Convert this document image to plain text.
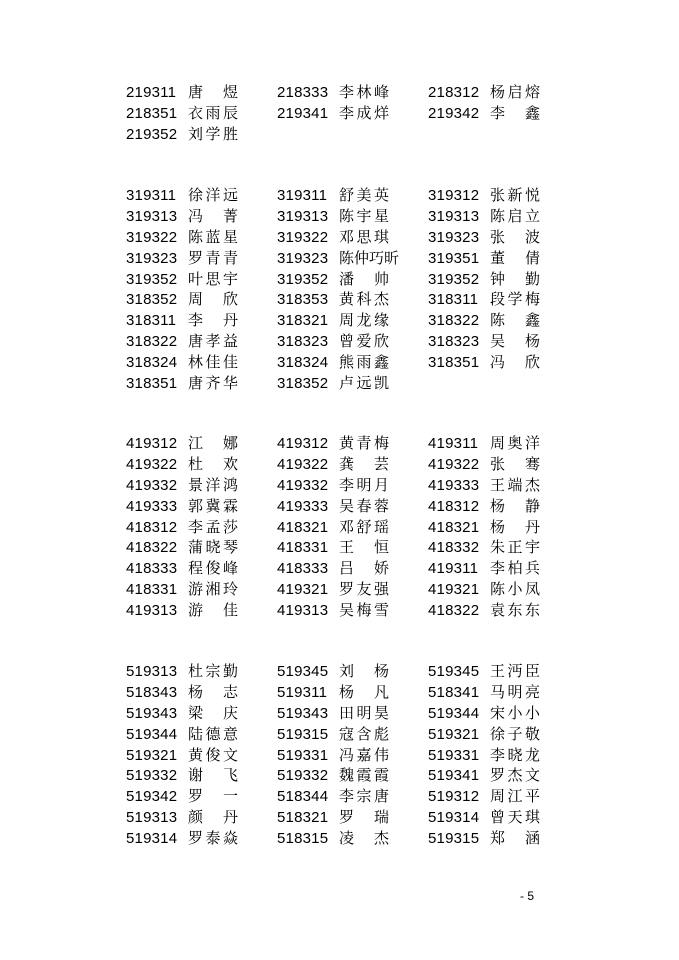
219311 唐　煜	218333 李林峰	218312 杨启熔
218351 衣雨辰	219341 李成烊	219342 李　鑫
219352 刘学胜
319311 徐洋远	319311 舒美英	319312 张新悦
319313 冯　菁	319313 陈宇星	319313 陈启立
319322 陈蓝星	319322 邓思琪	319323 张　波
319323 罗青青	319323 陈仲巧昕 319351 董　倩
319352 叶思宇	319352 潘　帅	319352 钟　勤
318352 周　欣	318353 黄科杰	318311 段学梅
318311 李　丹	318321 周龙缘	318322 陈　鑫
318322 唐孝益	318323 曾爱欣	318323 吴　杨
318324 林佳佳	318324 熊雨鑫	318351 冯　欣
318351 唐齐华	318352 卢远凯
419312 江　娜	419312 黄青梅	419311 周奥洋
419322 杜　欢	419322 龚　芸	419322 张　骞
419332 景洋鸿	419332 李明月	419333 王端杰
419333 郭冀霖	419333 吴春蓉	418312 杨　静
418312 李孟莎	418321 邓舒瑶	418321 杨　丹
418322 蒲晓琴	418331 王　恒	418332 朱正宇
418333 程俊峰	418333 吕　娇	419311 李柏兵
418331 游湘玲	419321 罗友强	419321 陈小凤
419313 游　佳	419313 吴梅雪	418322 袁东东
519313 杜宗勤	519345 刘　杨	519345 王沔臣
518343 杨　志	519311 杨　凡	518341 马明亮
519343 梁　庆	519343 田明昊	519344 宋小小
519344 陆德意	519315 寇含彪	519321 徐子敬
519321 黄俊文	519331 冯嘉伟	519331 李晓龙
519332 谢　飞	519332 魏霞霞	519341 罗杰文
519342 罗　一	518344 李宗唐	519312 周江平
519313 颜　丹	518321 罗　瑞	519314 曾天琪
519314 罗泰焱	518315 凌　杰	519315 郑　涵
- 5
